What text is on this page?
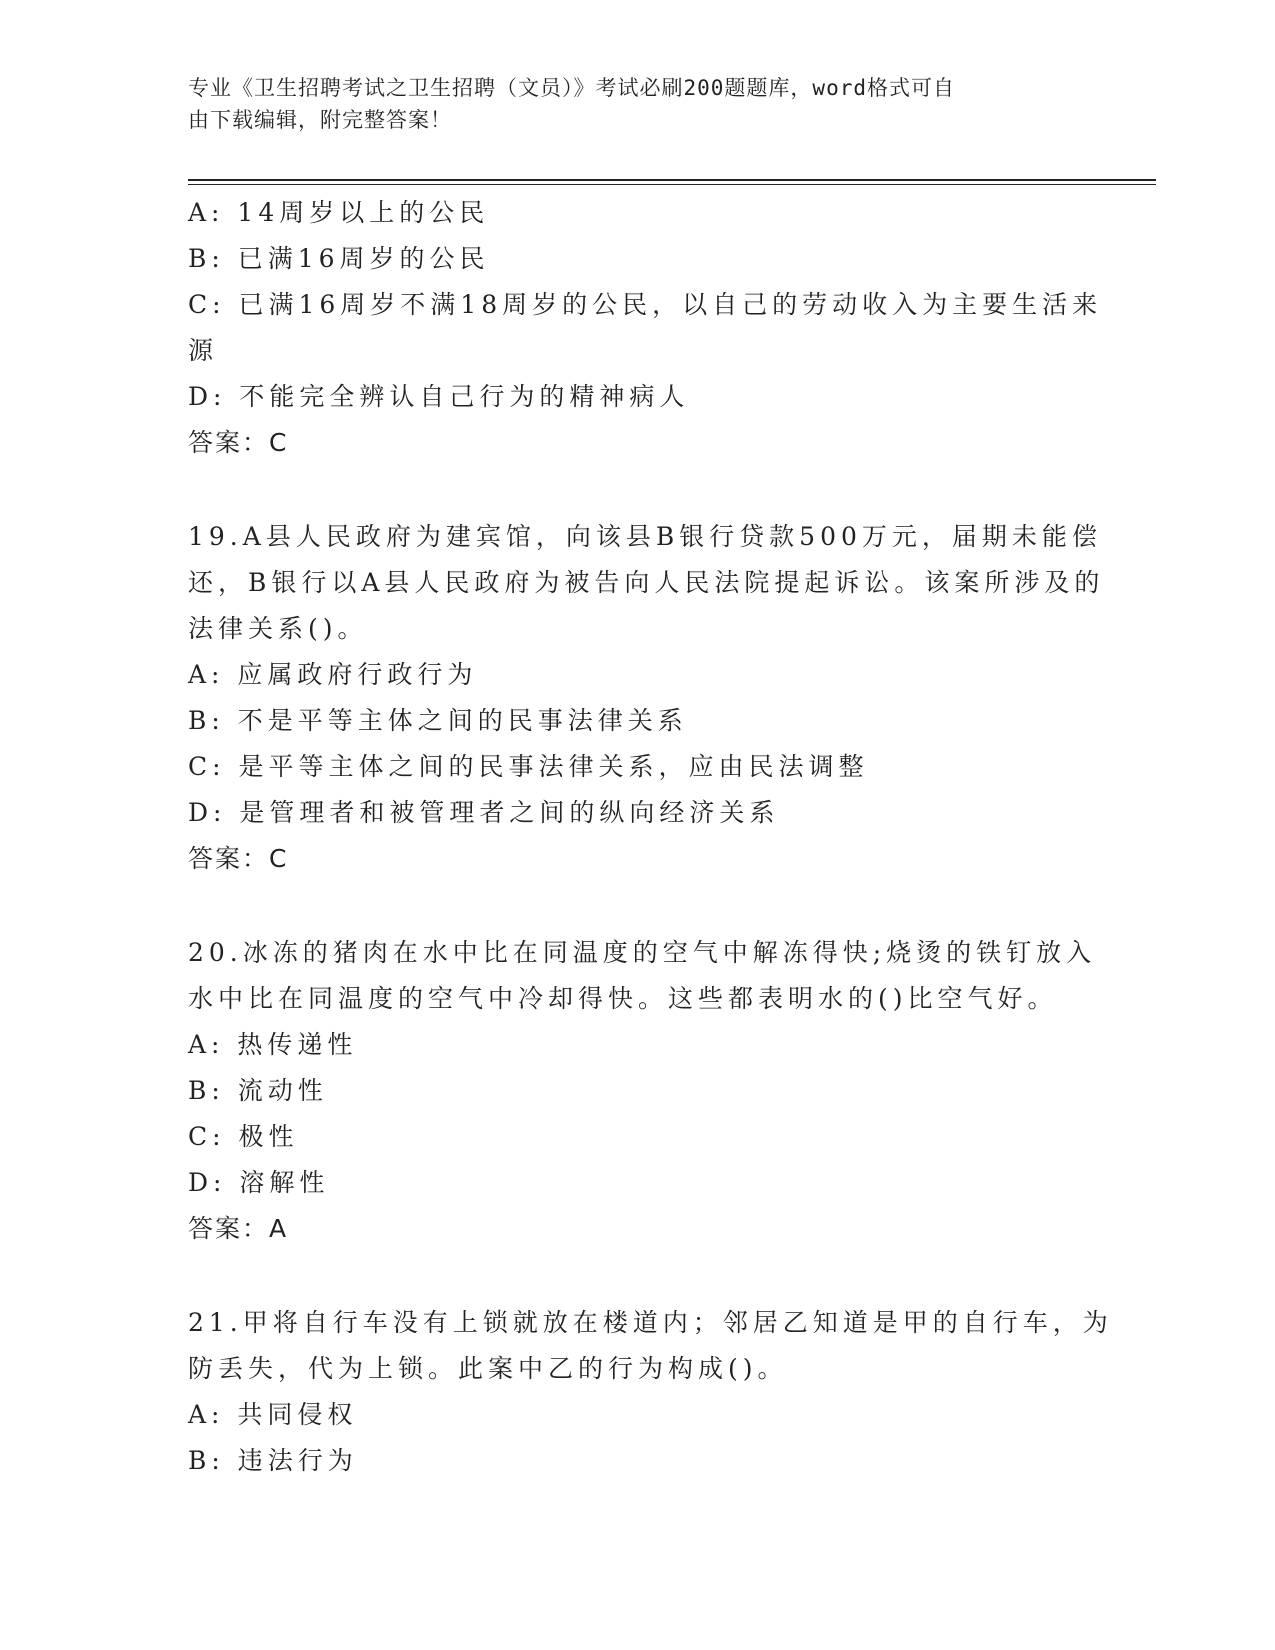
专业《卫生招聘考试之卫生招聘（文员）》考试必刷200题题库，word格式可自
由下载编辑，附完整答案！
A: 14周岁以上的公民
B: 已满16周岁的公民
C: 已满16周岁不满18周岁的公民，以自己的劳动收入为主要生活来
源
D: 不能完全辨认自己行为的精神病人
答案：C
19.A县人民政府为建宾馆，向该县B银行贷款500万元，届期未能偿
还，B银行以A县人民政府为被告向人民法院提起诉讼。该案所涉及的
法律关系()。
A: 应属政府行政行为
B: 不是平等主体之间的民事法律关系
C: 是平等主体之间的民事法律关系，应由民法调整
D: 是管理者和被管理者之间的纵向经济关系
答案：C
20.冰冻的猪肉在水中比在同温度的空气中解冻得快;烧烫的铁钉放入
水中比在同温度的空气中冷却得快。这些都表明水的()比空气好。
A: 热传递性
B: 流动性
C: 极性
D: 溶解性
答案：A
21.甲将自行车没有上锁就放在楼道内；邻居乙知道是甲的自行车，为
防丢失，代为上锁。此案中乙的行为构成()。
A: 共同侵权
B: 违法行为
